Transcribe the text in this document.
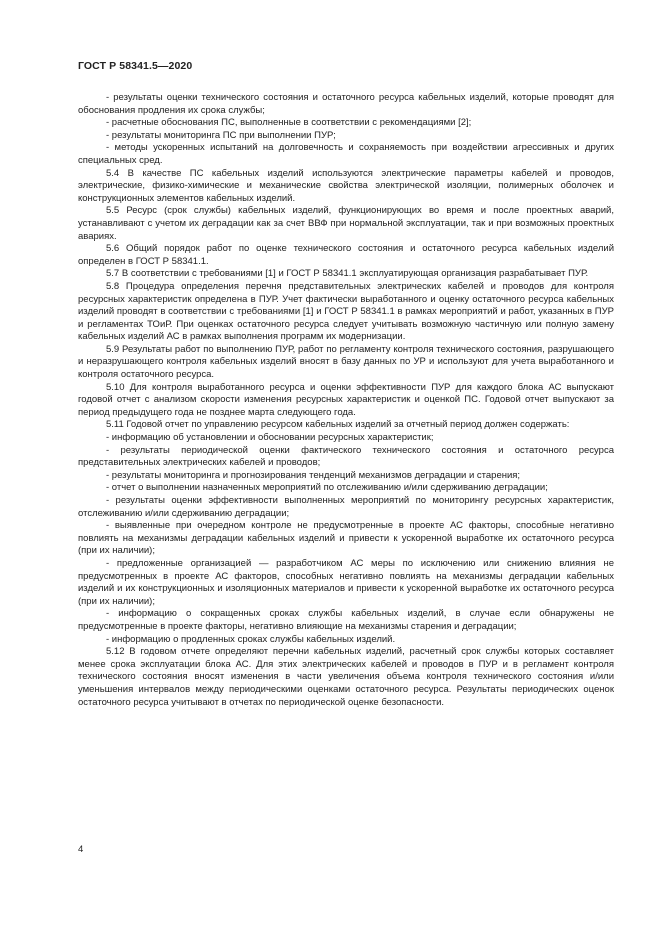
ГОСТ Р 58341.5—2020

- результаты оценки технического состояния и остаточного ресурса кабельных изделий, которые проводят для обоснования продления их срока службы;

- расчетные обоснования ПС, выполненные в соответствии с рекомендациями [2];

- результаты мониторинга ПС при выполнении ПУР;

- методы ускоренных испытаний на долговечность и сохраняемость при воздействии агрессивных и других специальных сред.

5.4 В качестве ПС кабельных изделий используются электрические параметры кабелей и проводов, электрические, физико-химические и механические свойства электрической изоляции, полимерных оболочек и конструкционных элементов кабельных изделий.

5.5 Ресурс (срок службы) кабельных изделий, функционирующих во время и после проектных аварий, устанавливают с учетом их деградации как за счет ВВФ при нормальной эксплуатации, так и при возможных проектных авариях.

5.6 Общий порядок работ по оценке технического состояния и остаточного ресурса кабельных изделий определен в ГОСТ Р 58341.1.

5.7 В соответствии с требованиями [1] и ГОСТ Р 58341.1 эксплуатирующая организация разрабатывает ПУР.

5.8 Процедура определения перечня представительных электрических кабелей и проводов для контроля ресурсных характеристик определена в ПУР. Учет фактически выработанного и оценку остаточного ресурса кабельных изделий проводят в соответствии с требованиями [1] и ГОСТ Р 58341.1 в рамках мероприятий и работ, указанных в ПУР и регламентах ТОиР. При оценках остаточного ресурса следует учитывать возможную частичную или полную замену кабельных изделий АС в рамках выполнения программ их модернизации.

5.9 Результаты работ по выполнению ПУР, работ по регламенту контроля технического состояния, разрушающего и неразрушающего контроля кабельных изделий вносят в базу данных по УР и используют для учета выработанного и контроля остаточного ресурса.

5.10 Для контроля выработанного ресурса и оценки эффективности ПУР для каждого блока АС выпускают годовой отчет с анализом скорости изменения ресурсных характеристик и оценкой ПС. Годовой отчет выпускают за период предыдущего года не позднее марта следующего года.

5.11 Годовой отчет по управлению ресурсом кабельных изделий за отчетный период должен содержать:

- информацию об установлении и обосновании ресурсных характеристик;

- результаты периодической оценки фактического технического состояния и остаточного ресурса представительных электрических кабелей и проводов;

- результаты мониторинга и прогнозирования тенденций механизмов деградации и старения;

- отчет о выполнении назначенных мероприятий по отслеживанию и/или сдерживанию деградации;

- результаты оценки эффективности выполненных мероприятий по мониторингу ресурсных характеристик, отслеживанию и/или сдерживанию деградации;

- выявленные при очередном контроле не предусмотренные в проекте АС факторы, способные негативно повлиять на механизмы деградации кабельных изделий и привести к ускоренной выработке их остаточного ресурса (при их наличии);

- предложенные организацией — разработчиком АС меры по исключению или снижению влияния не предусмотренных в проекте АС факторов, способных негативно повлиять на механизмы деградации кабельных изделий и их конструкционных и изоляционных материалов и привести к ускоренной выработке их остаточного ресурса (при их наличии);

- информацию о сокращенных сроках службы кабельных изделий, в случае если обнаружены не предусмотренные в проекте факторы, негативно влияющие на механизмы старения и деградации;

- информацию о продленных сроках службы кабельных изделий.

5.12 В годовом отчете определяют перечни кабельных изделий, расчетный срок службы которых составляет менее срока эксплуатации блока АС. Для этих электрических кабелей и проводов в ПУР и в регламент контроля технического состояния вносят изменения в части увеличения объема контроля технического состояния и/или уменьшения интервалов между периодическими оценками остаточного ресурса. Результаты периодических оценок остаточного ресурса учитывают в отчетах по периодической оценке безопасности.

4
